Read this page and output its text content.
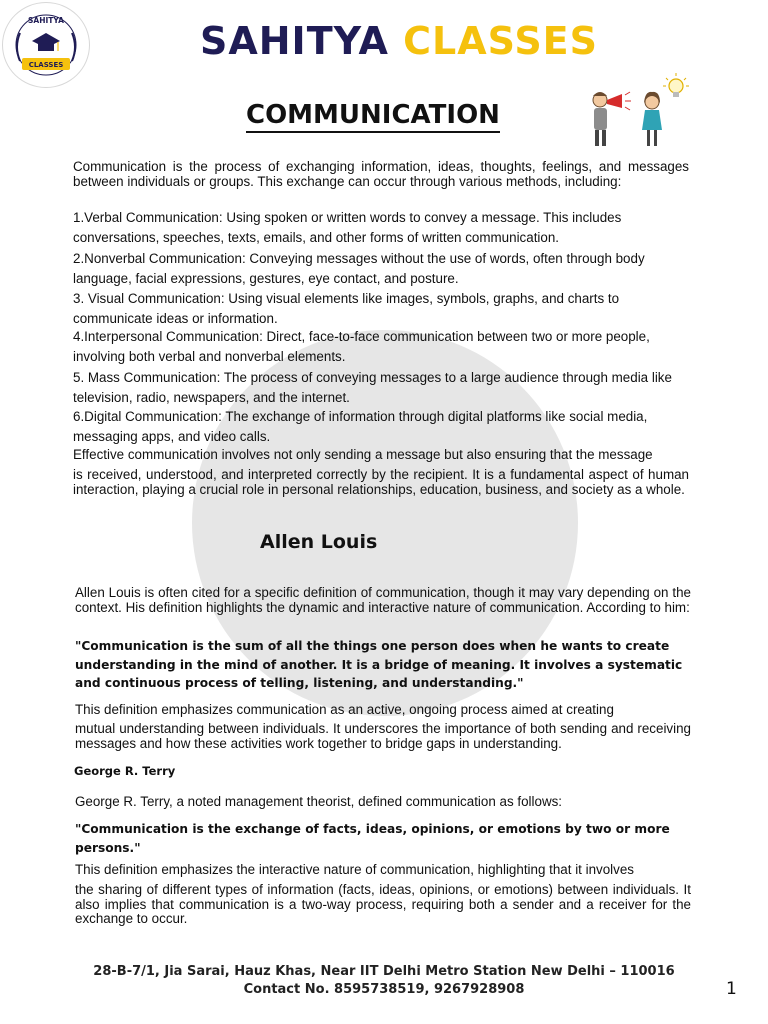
SAHITYA
CLASSES
SAHITYA CLASSES
COMMUNICATION

Communication is the process of exchanging information, ideas, thoughts, feelings, and messages between individuals or groups. This exchange can occur through various methods, including:

1.Verbal Communication: Using spoken or written words to convey a message. This includes conversations, speeches, texts, emails, and other forms of written communication.

2.Nonverbal Communication: Conveying messages without the use of words, often through body language, facial expressions, gestures, eye contact, and posture.

3. Visual Communication: Using visual elements like images, symbols, graphs, and charts to communicate ideas or information.

4.Interpersonal Communication: Direct, face-to-face communication between two or more people, involving both verbal and nonverbal elements.

5. Mass Communication: The process of conveying messages to a large audience through media like television, radio, newspapers, and the internet.

6.Digital Communication: The exchange of information through digital platforms like social media, messaging apps, and video calls.

Effective communication involves not only sending a message but also ensuring that the message

is received, understood, and interpreted correctly by the recipient. It is a fundamental aspect of human interaction, playing a crucial role in personal relationships, education, business, and society as a whole.

Allen Louis

Allen Louis is often cited for a specific definition of communication, though it may vary depending on the context. His definition highlights the dynamic and interactive nature of communication. According to him:

"Communication is the sum of all the things one person does when he wants to create understanding in the mind of another. It is a bridge of meaning. It involves a systematic and continuous process of telling, listening, and understanding."

This definition emphasizes communication as an active, ongoing process aimed at creating

mutual understanding between individuals. It underscores the importance of both sending and receiving messages and how these activities work together to bridge gaps in understanding.

George R. Terry

George R. Terry, a noted management theorist, defined communication as follows:

"Communication is the exchange of facts, ideas, opinions, or emotions by two or more persons."

This definition emphasizes the interactive nature of communication, highlighting that it involves

the sharing of different types of information (facts, ideas, opinions, or emotions) between individuals. It also implies that communication is a two-way process, requiring both a sender and a receiver for the exchange to occur.

28-B-7/1, Jia Sarai, Hauz Khas, Near IIT Delhi Metro Station New Delhi – 110016
Contact No. 8595738519, 9267928908	1
